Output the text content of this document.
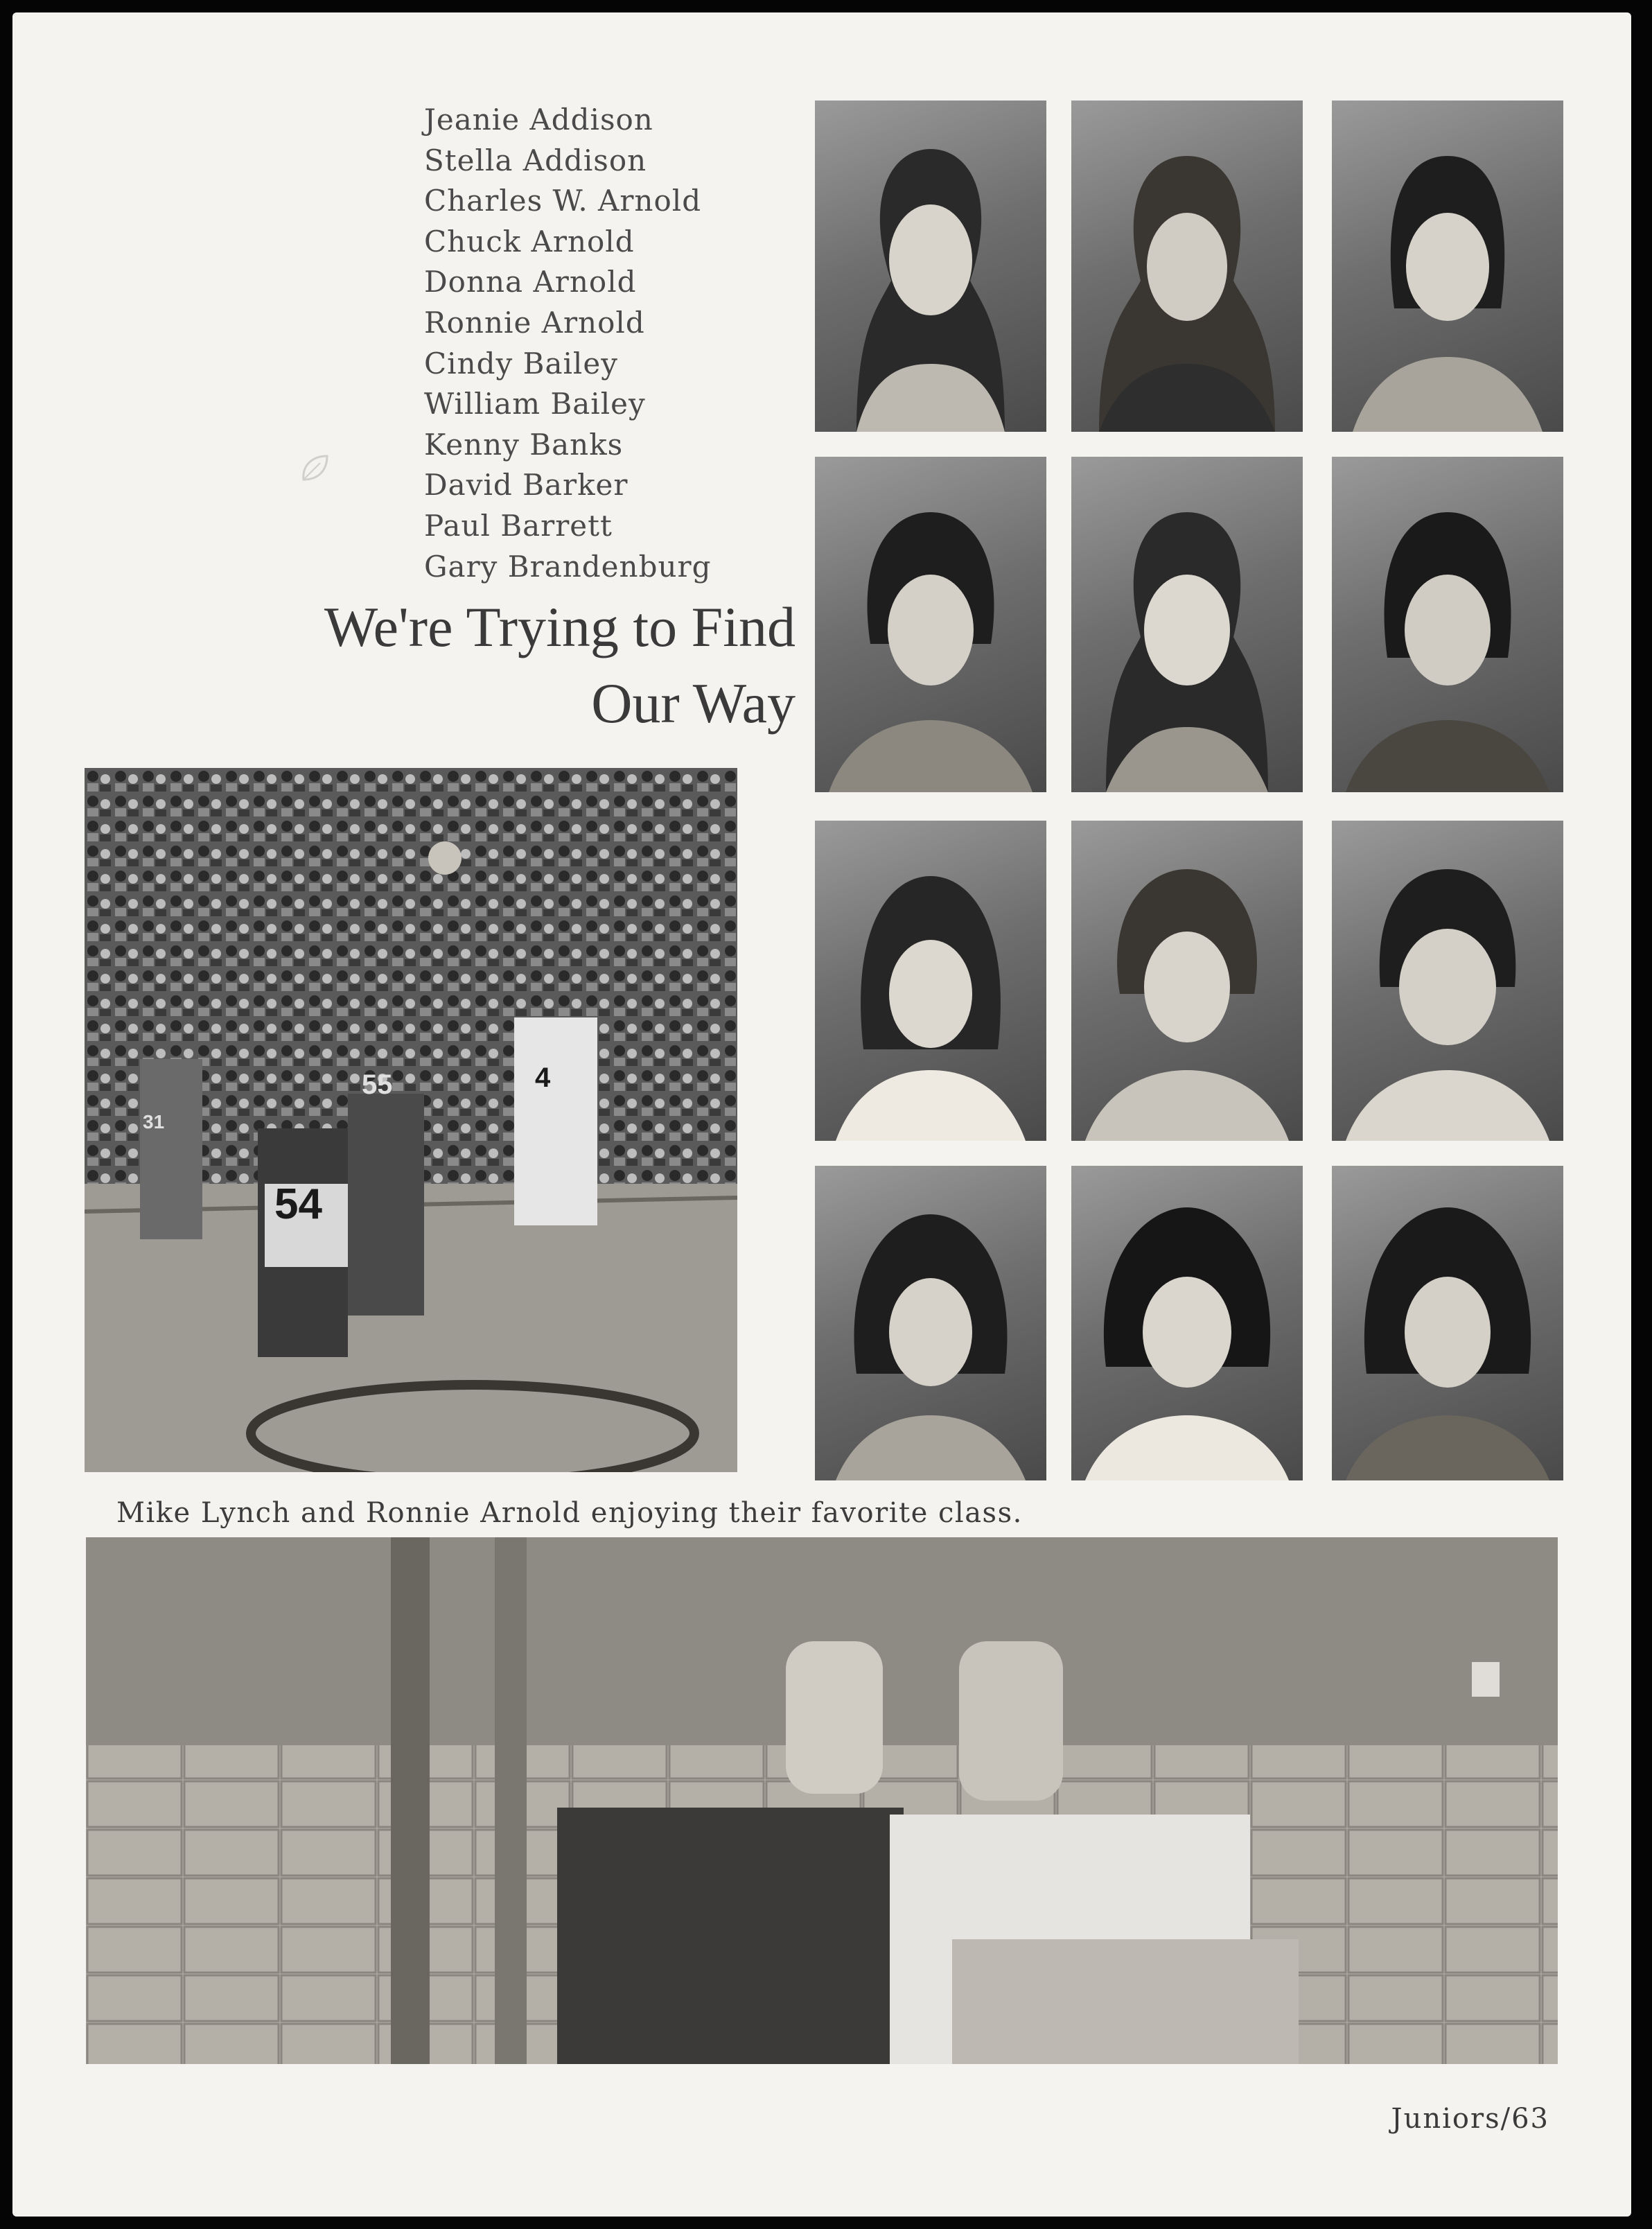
Jeanie Addison
Stella Addison
Charles W. Arnold
Chuck Arnold
Donna Arnold
Ronnie Arnold
Cindy Bailey
William Bailey
Kenny Banks
David Barker
Paul Barrett
Gary Brandenburg
We're Trying to Find
Our Way
54
55	4
31

Mike Lynch and Ronnie Arnold enjoying their favorite class.

Juniors/63
